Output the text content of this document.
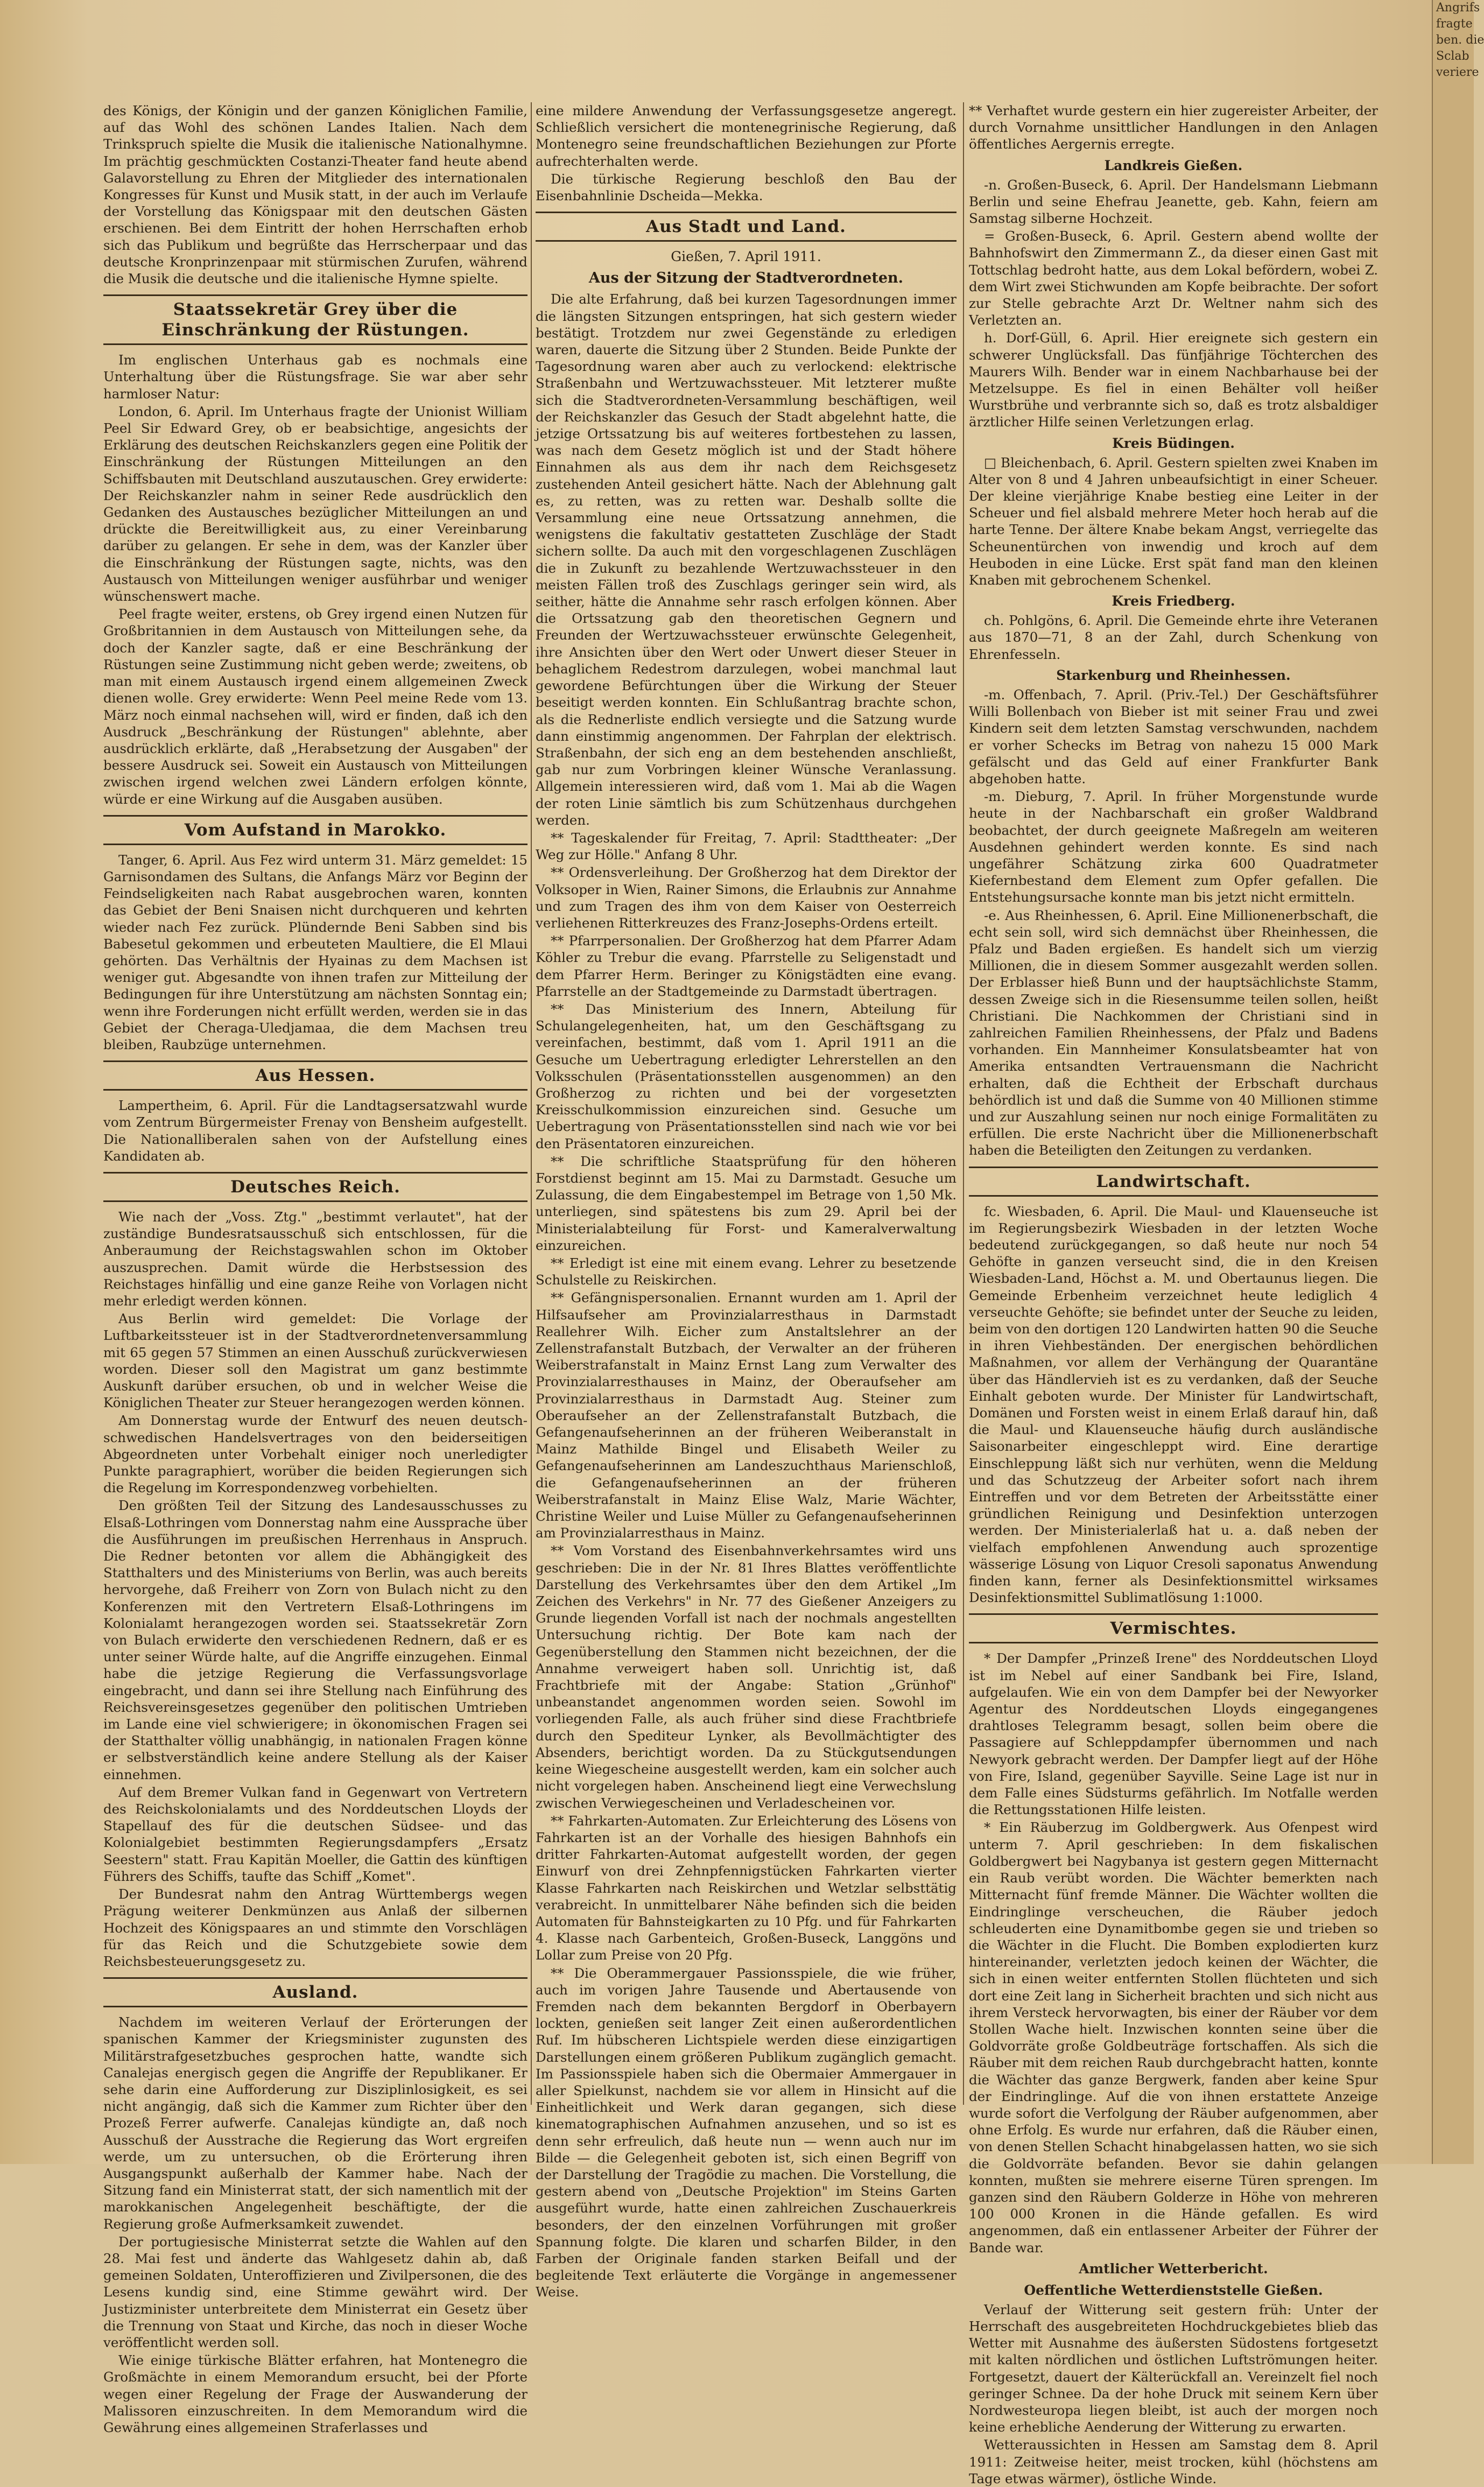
Angrifs
fragte
ben. die
Sclab
veriere

des Königs, der Königin und der ganzen Königlichen Familie, auf das Wohl des schönen Landes Italien. Nach dem Trinkspruch spielte die Musik die italienische Nationalhymne. Im prächtig geschmückten Costanzi-Theater fand heute abend Galavorstellung zu Ehren der Mitglieder des internationalen Kongresses für Kunst und Musik statt, in der auch im Verlaufe der Vorstellung das Königspaar mit den deutschen Gästen erschienen. Bei dem Eintritt der hohen Herrschaften erhob sich das Publikum und begrüßte das Herrscherpaar und das deutsche Kronprinzenpaar mit stürmischen Zurufen, während die Musik die deutsche und die italienische Hymne spielte.

Staatssekretär Grey über die Einschränkung der Rüstungen.

Im englischen Unterhaus gab es nochmals eine Unterhaltung über die Rüstungsfrage. Sie war aber sehr harmloser Natur:

London, 6. April. Im Unterhaus fragte der Unionist William Peel Sir Edward Grey, ob er beabsichtige, angesichts der Erklärung des deutschen Reichskanzlers gegen eine Politik der Einschränkung der Rüstungen Mitteilungen an den Schiffsbauten mit Deutschland auszutauschen. Grey erwiderte: Der Reichskanzler nahm in seiner Rede ausdrücklich den Gedanken des Austausches bezüglicher Mitteilungen an und drückte die Bereitwilligkeit aus, zu einer Vereinbarung darüber zu gelangen. Er sehe in dem, was der Kanzler über die Einschränkung der Rüstungen sagte, nichts, was den Austausch von Mitteilungen weniger ausführbar und weniger wünschenswert mache.

Peel fragte weiter, erstens, ob Grey irgend einen Nutzen für Großbritannien in dem Austausch von Mitteilungen sehe, da doch der Kanzler sagte, daß er eine Beschränkung der Rüstungen seine Zustimmung nicht geben werde; zweitens, ob man mit einem Austausch irgend einem allgemeinen Zweck dienen wolle. Grey erwiderte: Wenn Peel meine Rede vom 13. März noch einmal nachsehen will, wird er finden, daß ich den Ausdruck „Beschränkung der Rüstungen" ablehnte, aber ausdrücklich erklärte, daß „Herabsetzung der Ausgaben" der bessere Ausdruck sei. Soweit ein Austausch von Mitteilungen zwischen irgend welchen zwei Ländern erfolgen könnte, würde er eine Wirkung auf die Ausgaben ausüben.

Vom Aufstand in Marokko.

Tanger, 6. April. Aus Fez wird unterm 31. März gemeldet: 15 Garnisondamen des Sultans, die Anfangs März vor Beginn der Feindseligkeiten nach Rabat ausgebrochen waren, konnten das Gebiet der Beni Snaisen nicht durchqueren und kehrten wieder nach Fez zurück. Plündernde Beni Sabben sind bis Babesetul gekommen und erbeuteten Maultiere, die El Mlaui gehörten. Das Verhältnis der Hyainas zu dem Machsen ist weniger gut. Abgesandte von ihnen trafen zur Mitteilung der Bedingungen für ihre Unterstützung am nächsten Sonntag ein; wenn ihre Forderungen nicht erfüllt werden, werden sie in das Gebiet der Cheraga-Uledjamaa, die dem Machsen treu bleiben, Raubzüge unternehmen.

Aus Hessen.

Lampertheim, 6. April. Für die Landtagsersatzwahl wurde vom Zentrum Bürgermeister Frenay von Bensheim aufgestellt. Die Nationalliberalen sahen von der Aufstellung eines Kandidaten ab.

Deutsches Reich.

Wie nach der „Voss. Ztg." „bestimmt verlautet", hat der zuständige Bundesratsausschuß sich entschlossen, für die Anberaumung der Reichstagswahlen schon im Oktober auszusprechen. Damit würde die Herbstsession des Reichstages hinfällig und eine ganze Reihe von Vorlagen nicht mehr erledigt werden können.

Aus Berlin wird gemeldet: Die Vorlage der Luftbarkeitssteuer ist in der Stadtverordnetenversammlung mit 65 gegen 57 Stimmen an einen Ausschuß zurückverwiesen worden. Dieser soll den Magistrat um ganz bestimmte Auskunft darüber ersuchen, ob und in welcher Weise die Königlichen Theater zur Steuer herangezogen werden können.

Am Donnerstag wurde der Entwurf des neuen deutsch-schwedischen Handelsvertrages von den beiderseitigen Abgeordneten unter Vorbehalt einiger noch unerledigter Punkte paragraphiert, worüber die beiden Regierungen sich die Regelung im Korrespondenzweg vorbehielten.

Den größten Teil der Sitzung des Landesausschusses zu Elsaß-Lothringen vom Donnerstag nahm eine Aussprache über die Ausführungen im preußischen Herrenhaus in Anspruch. Die Redner betonten vor allem die Abhängigkeit des Statthalters und des Ministeriums von Berlin, was auch bereits hervorgehe, daß Freiherr von Zorn von Bulach nicht zu den Konferenzen mit den Vertretern Elsaß-Lothringens im Kolonialamt herangezogen worden sei. Staatssekretär Zorn von Bulach erwiderte den verschiedenen Rednern, daß er es unter seiner Würde halte, auf die Angriffe einzugehen. Einmal habe die jetzige Regierung die Verfassungsvorlage eingebracht, und dann sei ihre Stellung nach Einführung des Reichsvereinsgesetzes gegenüber den politischen Umtrieben im Lande eine viel schwierigere; in ökonomischen Fragen sei der Statthalter völlig unabhängig, in nationalen Fragen könne er selbstverständlich keine andere Stellung als der Kaiser einnehmen.

Auf dem Bremer Vulkan fand in Gegenwart von Vertretern des Reichskolonialamts und des Norddeutschen Lloyds der Stapellauf des für die deutschen Südsee- und das Kolonialgebiet bestimmten Regierungsdampfers „Ersatz Seestern" statt. Frau Kapitän Moeller, die Gattin des künftigen Führers des Schiffs, taufte das Schiff „Komet".

Der Bundesrat nahm den Antrag Württembergs wegen Prägung weiterer Denkmünzen aus Anlaß der silbernen Hochzeit des Königspaares an und stimmte den Vorschlägen für das Reich und die Schutzgebiete sowie dem Reichsbesteuerungsgesetz zu.

Ausland.

Nachdem im weiteren Verlauf der Erörterungen der spanischen Kammer der Kriegsminister zugunsten des Militärstrafgesetzbuches gesprochen hatte, wandte sich Canalejas energisch gegen die Angriffe der Republikaner. Er sehe darin eine Aufforderung zur Disziplinlosigkeit, es sei nicht angängig, daß sich die Kammer zum Richter über den Prozeß Ferrer aufwerfe. Canalejas kündigte an, daß noch Ausschuß der Ausstrache die Regierung das Wort ergreifen werde, um zu untersuchen, ob die Erörterung ihren Ausgangspunkt außerhalb der Kammer habe. Nach der Sitzung fand ein Ministerrat statt, der sich namentlich mit der marokkanischen Angelegenheit beschäftigte, der die Regierung große Aufmerksamkeit zuwendet.

Der portugiesische Ministerrat setzte die Wahlen auf den 28. Mai fest und änderte das Wahlgesetz dahin ab, daß gemeinen Soldaten, Unteroffizieren und Zivilpersonen, die des Lesens kundig sind, eine Stimme gewährt wird. Der Justizminister unterbreitete dem Ministerrat ein Gesetz über die Trennung von Staat und Kirche, das noch in dieser Woche veröffentlicht werden soll.

Wie einige türkische Blätter erfahren, hat Montenegro die Großmächte in einem Memorandum ersucht, bei der Pforte wegen einer Regelung der Frage der Auswanderung der Malissoren einzuschreiten. In dem Memorandum wird die Gewährung eines allgemeinen Straferlasses und

eine mildere Anwendung der Verfassungsgesetze angeregt. Schließlich versichert die montenegrinische Regierung, daß Montenegro seine freundschaftlichen Beziehungen zur Pforte aufrechterhalten werde.

Die türkische Regierung beschloß den Bau der Eisenbahnlinie Dscheida—Mekka.

Aus Stadt und Land.
Gießen, 7. April 1911.
Aus der Sitzung der Stadtverordneten.

Die alte Erfahrung, daß bei kurzen Tagesordnungen immer die längsten Sitzungen entspringen, hat sich gestern wieder bestätigt. Trotzdem nur zwei Gegenstände zu erledigen waren, dauerte die Sitzung über 2 Stunden. Beide Punkte der Tagesordnung waren aber auch zu verlockend: elektrische Straßenbahn und Wertzuwachssteuer. Mit letzterer mußte sich die Stadtverordneten-Versammlung beschäftigen, weil der Reichskanzler das Gesuch der Stadt abgelehnt hatte, die jetzige Ortssatzung bis auf weiteres fortbestehen zu lassen, was nach dem Gesetz möglich ist und der Stadt höhere Einnahmen als aus dem ihr nach dem Reichsgesetz zustehenden Anteil gesichert hätte. Nach der Ablehnung galt es, zu retten, was zu retten war. Deshalb sollte die Versammlung eine neue Ortssatzung annehmen, die wenigstens die fakultativ gestatteten Zuschläge der Stadt sichern sollte. Da auch mit den vorgeschlagenen Zuschlägen die in Zukunft zu bezahlende Wertzuwachssteuer in den meisten Fällen troß des Zuschlags geringer sein wird, als seither, hätte die Annahme sehr rasch erfolgen können. Aber die Ortssatzung gab den theoretischen Gegnern und Freunden der Wertzuwachssteuer erwünschte Gelegenheit, ihre Ansichten über den Wert oder Unwert dieser Steuer in behaglichem Redestrom darzulegen, wobei manchmal laut gewordene Befürchtungen über die Wirkung der Steuer beseitigt werden konnten. Ein Schlußantrag brachte schon, als die Rednerliste endlich versiegte und die Satzung wurde dann einstimmig angenommen. Der Fahrplan der elektrisch. Straßenbahn, der sich eng an dem bestehenden anschließt, gab nur zum Vorbringen kleiner Wünsche Veranlassung. Allgemein interessieren wird, daß vom 1. Mai ab die Wagen der roten Linie sämtlich bis zum Schützenhaus durchgehen werden.

** Tageskalender für Freitag, 7. April: Stadttheater: „Der Weg zur Hölle." Anfang 8 Uhr.

** Ordensverleihung. Der Großherzog hat dem Direktor der Volksoper in Wien, Rainer Simons, die Erlaubnis zur Annahme und zum Tragen des ihm von dem Kaiser von Oesterreich verliehenen Ritterkreuzes des Franz-Josephs-Ordens erteilt.

** Pfarrpersonalien. Der Großherzog hat dem Pfarrer Adam Köhler zu Trebur die evang. Pfarrstelle zu Seligenstadt und dem Pfarrer Herm. Beringer zu Königstädten eine evang. Pfarrstelle an der Stadtgemeinde zu Darmstadt übertragen.

** Das Ministerium des Innern, Abteilung für Schulangelegenheiten, hat, um den Geschäftsgang zu vereinfachen, bestimmt, daß vom 1. April 1911 an die Gesuche um Uebertragung erledigter Lehrerstellen an den Volksschulen (Präsentationsstellen ausgenommen) an den Großherzog zu richten und bei der vorgesetzten Kreisschulkommission einzureichen sind. Gesuche um Uebertragung von Präsentationsstellen sind nach wie vor bei den Präsentatoren einzureichen.

** Die schriftliche Staatsprüfung für den höheren Forstdienst beginnt am 15. Mai zu Darmstadt. Gesuche um Zulassung, die dem Eingabestempel im Betrage von 1,50 Mk. unterliegen, sind spätestens bis zum 29. April bei der Ministerialabteilung für Forst- und Kameralverwaltung einzureichen.

** Erledigt ist eine mit einem evang. Lehrer zu besetzende Schulstelle zu Reiskirchen.

** Gefängnispersonalien. Ernannt wurden am 1. April der Hilfsaufseher am Provinzialarresthaus in Darmstadt Reallehrer Wilh. Eicher zum Anstaltslehrer an der Zellenstrafanstalt Butzbach, der Verwalter an der früheren Weiberstrafanstalt in Mainz Ernst Lang zum Verwalter des Provinzialarresthauses in Mainz, der Oberaufseher am Provinzialarresthaus in Darmstadt Aug. Steiner zum Oberaufseher an der Zellenstrafanstalt Butzbach, die Gefangenaufseherinnen an der früheren Weiberanstalt in Mainz Mathilde Bingel und Elisabeth Weiler zu Gefangenaufseherinnen am Landeszuchthaus Marienschloß, die Gefangenaufseherinnen an der früheren Weiberstrafanstalt in Mainz Elise Walz, Marie Wächter, Christine Weiler und Luise Müller zu Gefangenaufseherinnen am Provinzialarresthaus in Mainz.

** Vom Vorstand des Eisenbahnverkehrsamtes wird uns geschrieben: Die in der Nr. 81 Ihres Blattes veröffentlichte Darstellung des Verkehrsamtes über den dem Artikel „Im Zeichen des Verkehrs" in Nr. 77 des Gießener Anzeigers zu Grunde liegenden Vorfall ist nach der nochmals angestellten Untersuchung richtig. Der Bote kam nach der Gegenüberstellung den Stammen nicht bezeichnen, der die Annahme verweigert haben soll. Unrichtig ist, daß Frachtbriefe mit der Angabe: Station „Grünhof" unbeanstandet angenommen worden seien. Sowohl im vorliegenden Falle, als auch früher sind diese Frachtbriefe durch den Spediteur Lynker, als Bevollmächtigter des Absenders, berichtigt worden. Da zu Stückgutsendungen keine Wiegescheine ausgestellt werden, kam ein solcher auch nicht vorgelegen haben. Anscheinend liegt eine Verwechslung zwischen Verwiegescheinen und Verladescheinen vor.

** Fahrkarten-Automaten. Zur Erleichterung des Lösens von Fahrkarten ist an der Vorhalle des hiesigen Bahnhofs ein dritter Fahrkarten-Automat aufgestellt worden, der gegen Einwurf von drei Zehnpfennigstücken Fahrkarten vierter Klasse Fahrkarten nach Reiskirchen und Wetzlar selbsttätig verabreicht. In unmittelbarer Nähe befinden sich die beiden Automaten für Bahnsteigkarten zu 10 Pfg. und für Fahrkarten 4. Klasse nach Garbenteich, Großen-Buseck, Langgöns und Lollar zum Preise von 20 Pfg.

** Die Oberammergauer Passionsspiele, die wie früher, auch im vorigen Jahre Tausende und Abertausende von Fremden nach dem bekannten Bergdorf in Oberbayern lockten, genießen seit langer Zeit einen außerordentlichen Ruf. Im hübscheren Lichtspiele werden diese einzigartigen Darstellungen einem größeren Publikum zugänglich gemacht. Im Passionsspiele haben sich die Obermaier Ammergauer in aller Spielkunst, nachdem sie vor allem in Hinsicht auf die Einheitlichkeit und Werk daran gegangen, sich diese kinematographischen Aufnahmen anzusehen, und so ist es denn sehr erfreulich, daß heute nun — wenn auch nur im Bilde — die Gelegenheit geboten ist, sich einen Begriff von der Darstellung der Tragödie zu machen. Die Vorstellung, die gestern abend von „Deutsche Projektion" im Steins Garten ausgeführt wurde, hatte einen zahlreichen Zuschauerkreis besonders, der den einzelnen Vorführungen mit großer Spannung folgte. Die klaren und scharfen Bilder, in den Farben der Originale fanden starken Beifall und der begleitende Text erläuterte die Vorgänge in angemessener Weise.

** Verhaftet wurde gestern ein hier zugereister Arbeiter, der durch Vornahme unsittlicher Handlungen in den Anlagen öffentliches Aergernis erregte.

Landkreis Gießen.

-n. Großen-Buseck, 6. April. Der Handelsmann Liebmann Berlin und seine Ehefrau Jeanette, geb. Kahn, feiern am Samstag silberne Hochzeit.

= Großen-Buseck, 6. April. Gestern abend wollte der Bahnhofswirt den Zimmermann Z., da dieser einen Gast mit Tottschlag bedroht hatte, aus dem Lokal befördern, wobei Z. dem Wirt zwei Stichwunden am Kopfe beibrachte. Der sofort zur Stelle gebrachte Arzt Dr. Weltner nahm sich des Verletzten an.

h. Dorf-Güll, 6. April. Hier ereignete sich gestern ein schwerer Unglücksfall. Das fünfjährige Töchterchen des Maurers Wilh. Bender war in einem Nachbarhause bei der Metzelsuppe. Es fiel in einen Behälter voll heißer Wurstbrühe und verbrannte sich so, daß es trotz alsbaldiger ärztlicher Hilfe seinen Verletzungen erlag.

Kreis Büdingen.

□ Bleichenbach, 6. April. Gestern spielten zwei Knaben im Alter von 8 und 4 Jahren unbeaufsichtigt in einer Scheuer. Der kleine vierjährige Knabe bestieg eine Leiter in der Scheuer und fiel alsbald mehrere Meter hoch herab auf die harte Tenne. Der ältere Knabe bekam Angst, verriegelte das Scheunentürchen von inwendig und kroch auf dem Heuboden in eine Lücke. Erst spät fand man den kleinen Knaben mit gebrochenem Schenkel.

Kreis Friedberg.

ch. Pohlgöns, 6. April. Die Gemeinde ehrte ihre Veteranen aus 1870—71, 8 an der Zahl, durch Schenkung von Ehrenfesseln.

Starkenburg und Rheinhessen.

-m. Offenbach, 7. April. (Priv.-Tel.) Der Geschäftsführer Willi Bollenbach von Bieber ist mit seiner Frau und zwei Kindern seit dem letzten Samstag verschwunden, nachdem er vorher Schecks im Betrag von nahezu 15 000 Mark gefälscht und das Geld auf einer Frankfurter Bank abgehoben hatte.

-m. Dieburg, 7. April. In früher Morgenstunde wurde heute in der Nachbarschaft ein großer Waldbrand beobachtet, der durch geeignete Maßregeln am weiteren Ausdehnen gehindert werden konnte. Es sind nach ungefährer Schätzung zirka 600 Quadratmeter Kiefernbestand dem Element zum Opfer gefallen. Die Entstehungsursache konnte man bis jetzt nicht ermitteln.

-e. Aus Rheinhessen, 6. April. Eine Millionenerbschaft, die echt sein soll, wird sich demnächst über Rheinhessen, die Pfalz und Baden ergießen. Es handelt sich um vierzig Millionen, die in diesem Sommer ausgezahlt werden sollen. Der Erblasser hieß Bunn und der hauptsächlichste Stamm, dessen Zweige sich in die Riesensumme teilen sollen, heißt Christiani. Die Nachkommen der Christiani sind in zahlreichen Familien Rheinhessens, der Pfalz und Badens vorhanden. Ein Mannheimer Konsulatsbeamter hat von Amerika entsandten Vertrauensmann die Nachricht erhalten, daß die Echtheit der Erbschaft durchaus behördlich ist und daß die Summe von 40 Millionen stimme und zur Auszahlung seinen nur noch einige Formalitäten zu erfüllen. Die erste Nachricht über die Millionenerbschaft haben die Beteiligten den Zeitungen zu verdanken.

Landwirtschaft.

fc. Wiesbaden, 6. April. Die Maul- und Klauenseuche ist im Regierungsbezirk Wiesbaden in der letzten Woche bedeutend zurückgegangen, so daß heute nur noch 54 Gehöfte in ganzen verseucht sind, die in den Kreisen Wiesbaden-Land, Höchst a. M. und Obertaunus liegen. Die Gemeinde Erbenheim verzeichnet heute lediglich 4 verseuchte Gehöfte; sie befindet unter der Seuche zu leiden, beim von den dortigen 120 Landwirten hatten 90 die Seuche in ihren Viehbeständen. Der energischen behördlichen Maßnahmen, vor allem der Verhängung der Quarantäne über das Händlervieh ist es zu verdanken, daß der Seuche Einhalt geboten wurde. Der Minister für Landwirtschaft, Domänen und Forsten weist in einem Erlaß darauf hin, daß die Maul- und Klauenseuche häufig durch ausländische Saisonarbeiter eingeschleppt wird. Eine derartige Einschleppung läßt sich nur verhüten, wenn die Meldung und das Schutzzeug der Arbeiter sofort nach ihrem Eintreffen und vor dem Betreten der Arbeitsstätte einer gründlichen Reinigung und Desinfektion unterzogen werden. Der Ministerialerlaß hat u. a. daß neben der vielfach empfohlenen Anwendung auch sprozentige wässerige Lösung von Liquor Cresoli saponatus Anwendung finden kann, ferner als Desinfektionsmittel wirksames Desinfektionsmittel Sublimatlösung 1:1000.

Vermischtes.

* Der Dampfer „Prinzeß Irene" des Norddeutschen Lloyd ist im Nebel auf einer Sandbank bei Fire, Island, aufgelaufen. Wie ein von dem Dampfer bei der Newyorker Agentur des Norddeutschen Lloyds eingegangenes drahtloses Telegramm besagt, sollen beim obere die Passagiere auf Schleppdampfer übernommen und nach Newyork gebracht werden. Der Dampfer liegt auf der Höhe von Fire, Island, gegenüber Sayville. Seine Lage ist nur in dem Falle eines Südsturms gefährlich. Im Notfalle werden die Rettungsstationen Hilfe leisten.

* Ein Räuberzug im Goldbergwerk. Aus Ofenpest wird unterm 7. April geschrieben: In dem fiskalischen Goldbergwert bei Nagybanya ist gestern gegen Mitternacht ein Raub verübt worden. Die Wächter bemerkten nach Mitternacht fünf fremde Männer. Die Wächter wollten die Eindringlinge verscheuchen, die Räuber jedoch schleuderten eine Dynamitbombe gegen sie und trieben so die Wächter in die Flucht. Die Bomben explodierten kurz hintereinander, verletzten jedoch keinen der Wächter, die sich in einen weiter entfernten Stollen flüchteten und sich dort eine Zeit lang in Sicherheit brachten und sich nicht aus ihrem Versteck hervorwagten, bis einer der Räuber vor dem Stollen Wache hielt. Inzwischen konnten seine über die Goldvorräte große Goldbeuträge fortschaffen. Als sich die Räuber mit dem reichen Raub durchgebracht hatten, konnte die Wächter das ganze Bergwerk, fanden aber keine Spur der Eindringlinge. Auf die von ihnen erstattete Anzeige wurde sofort die Verfolgung der Räuber aufgenommen, aber ohne Erfolg. Es wurde nur erfahren, daß die Räuber einen, von denen Stellen Schacht hinabgelassen hatten, wo sie sich die Goldvorräte befanden. Bevor sie dahin gelangen konnten, mußten sie mehrere eiserne Türen sprengen. Im ganzen sind den Räubern Golderze in Höhe von mehreren 100 000 Kronen in die Hände gefallen. Es wird angenommen, daß ein entlassener Arbeiter der Führer der Bande war.

Amtlicher Wetterbericht.
Oeffentliche Wetterdienststelle Gießen.

Verlauf der Witterung seit gestern früh: Unter der Herrschaft des ausgebreiteten Hochdruckgebietes blieb das Wetter mit Ausnahme des äußersten Südostens fortgesetzt mit kalten nördlichen und östlichen Luftströmungen heiter. Fortgesetzt, dauert der Kälterückfall an. Vereinzelt fiel noch geringer Schnee. Da der hohe Druck mit seinem Kern über Nordwesteuropa liegen bleibt, ist auch der morgen noch keine erhebliche Aenderung der Witterung zu erwarten.

Wetteraussichten in Hessen am Samstag dem 8. April 1911: Zeitweise heiter, meist trocken, kühl (höchstens am Tage etwas wärmer), östliche Winde.
